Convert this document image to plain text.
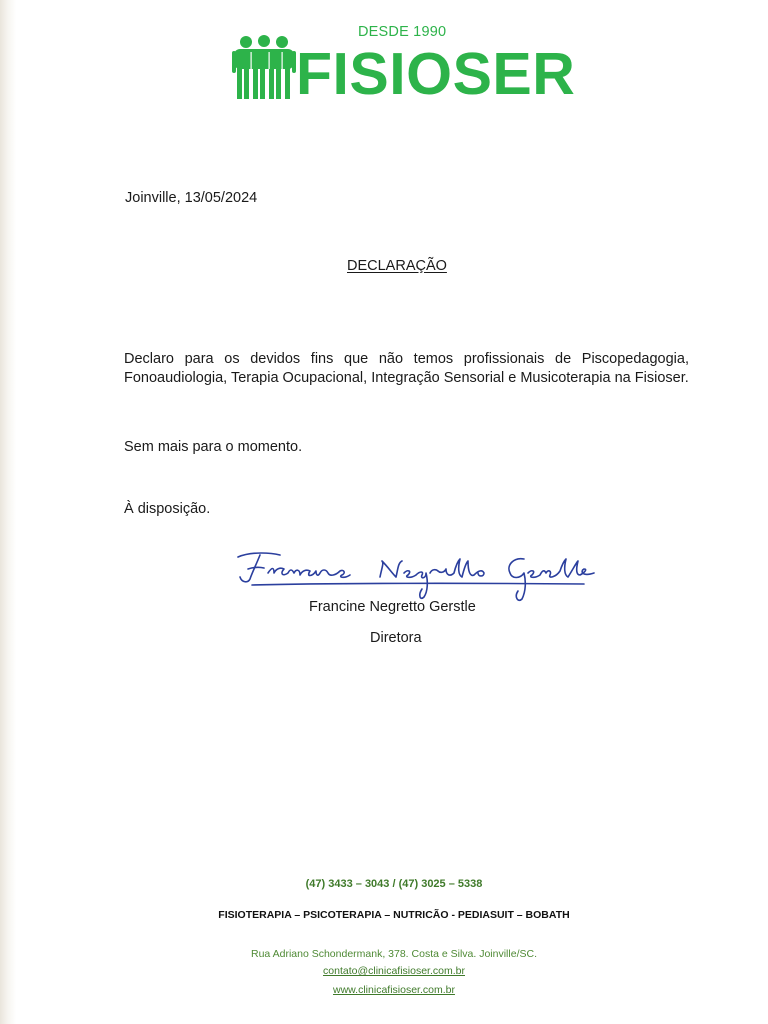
DESDE 1990
FISIOSER
Joinville, 13/05/2024
DECLARAÇÃO
Declaro para os devidos fins que não temos profissionais de Piscopedagogia, Fonoaudiologia, Terapia Ocupacional, Integração Sensorial e Musicoterapia na Fisioser.
Sem mais para o momento.
À disposição.
Francine Negretto Gerstle
Diretora
(47) 3433 – 3043 / (47) 3025 – 5338
FISIOTERAPIA – PSICOTERAPIA – NUTRICÃO - PEDIASUIT – BOBATH
Rua Adriano Schondermank, 378. Costa e Silva. Joinville/SC.
contato@clinicafisioser.com.br
www.clinicafisioser.com.br
